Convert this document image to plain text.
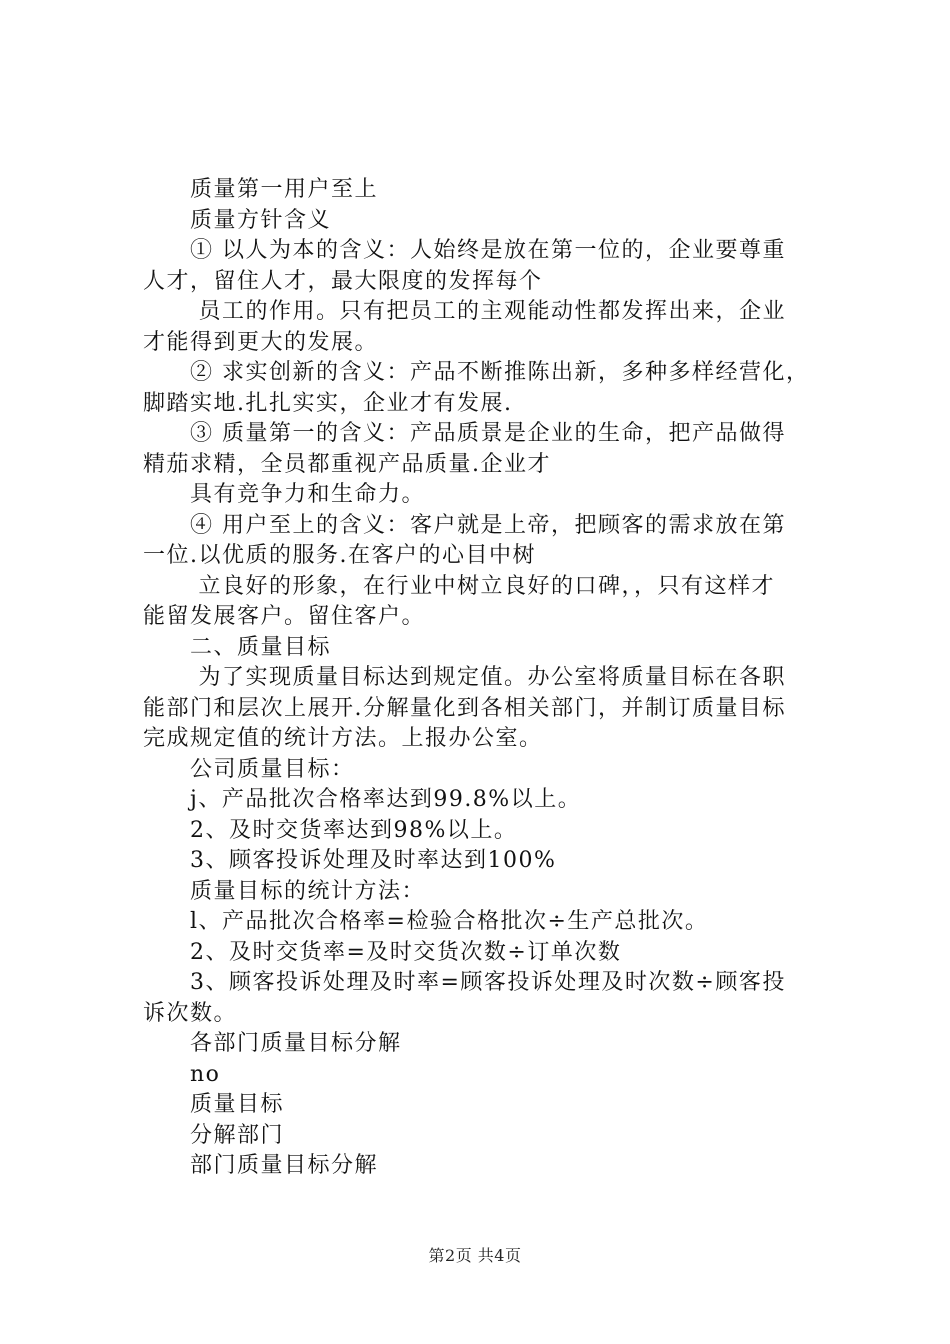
　　质量第一用户至上
　　质量方针含义
　　① 以人为本的含义：人始终是放在第一位的，企业要尊重
人才，留住人才，最大限度的发挥每个
　　 员工的作用。只有把员工的主观能动性都发挥出来，企业
才能得到更大的发展。
　　② 求实创新的含义：产品不断推陈出新，多种多样经营化，
脚踏实地.扎扎实实，企业才有发展.
　　③ 质量第一的含义：产品质景是企业的生命，把产品做得
精茄求精，全员都重视产品质量.企业才
　　具有竞争力和生命力。
　　④ 用户至上的含义：客户就是上帝，把顾客的需求放在第
一位.以优质的服务.在客户的心目中树
　　 立良好的形象，在行业中树立良好的口碑，，只有这样才
能留发展客户。留住客户。
　　二、质量目标
　　 为了实现质量目标达到规定值。办公室将质量目标在各职
能部门和层次上展开.分解量化到各相关部门，并制订质量目标
完成规定值的统计方法。上报办公室。
　　公司质量目标：
　　j、产品批次合格率达到99.8%以上。
　　2、及时交货率达到98%以上。
　　3、顾客投诉处理及时率达到100%
　　质量目标的统计方法：
　　l、产品批次合格率=检验合格批次÷生产总批次。
　　2、及时交货率=及时交货次数÷订单次数
　　3、顾客投诉处理及时率=顾客投诉处理及时次数÷顾客投
诉次数。
　　各部门质量目标分解
　　no
　　质量目标
　　分解部门
　　部门质量目标分解
第2页 共4页
